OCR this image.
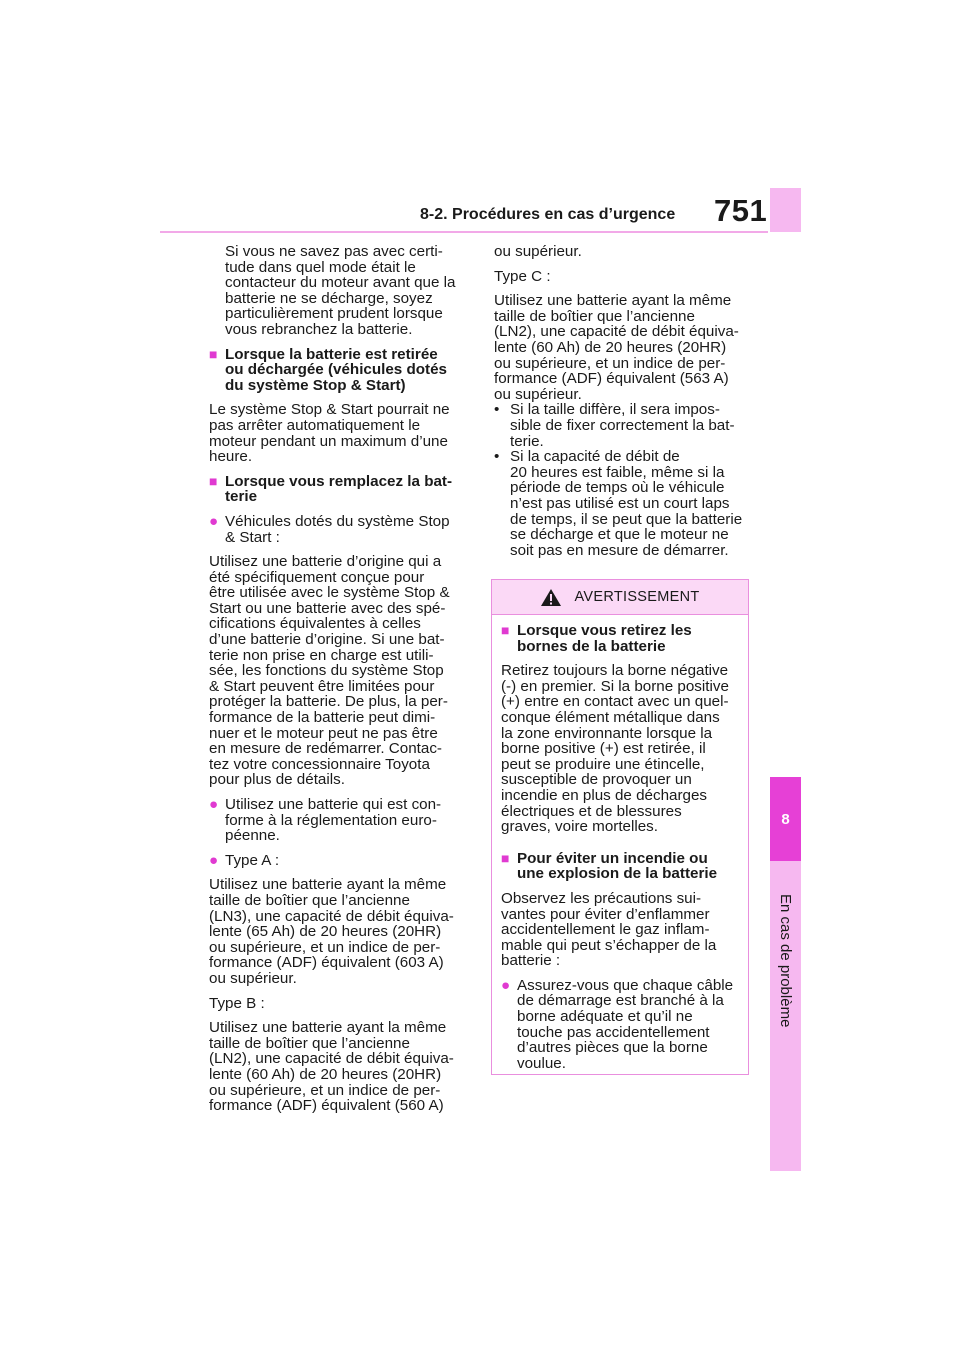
8-2. Procédures en cas d’urgence 751
8
En cas de problème
Si vous ne savez pas avec certi-
tude dans quel mode était le
contacteur du moteur avant que la
batterie ne se décharge, soyez
particulièrement prudent lorsque
vous rebranchez la batterie.
■ Lorsque la batterie est retirée
ou déchargée (véhicules dotés
du système Stop & Start)
Le système Stop & Start pourrait ne
pas arrêter automatiquement le
moteur pendant un maximum d’une
heure.
■ Lorsque vous remplacez la bat-
terie
● Véhicules dotés du système Stop
& Start :
Utilisez une batterie d’origine qui a
été spécifiquement conçue pour
être utilisée avec le système Stop &
Start ou une batterie avec des spé-
cifications équivalentes à celles
d’une batterie d’origine. Si une bat-
terie non prise en charge est utili-
sée, les fonctions du système Stop
& Start peuvent être limitées pour
protéger la batterie. De plus, la per-
formance de la batterie peut dimi-
nuer et le moteur peut ne pas être
en mesure de redémarrer. Contac-
tez votre concessionnaire Toyota
pour plus de détails.
● Utilisez une batterie qui est con-
forme à la réglementation euro-
péenne.
● Type A :
Utilisez une batterie ayant la même
taille de boîtier que l’ancienne
(LN3), une capacité de débit équiva-
lente (65 Ah) de 20 heures (20HR)
ou supérieure, et un indice de per-
formance (ADF) équivalent (603 A)
ou supérieur.
Type B :
Utilisez une batterie ayant la même
taille de boîtier que l’ancienne
(LN2), une capacité de débit équiva-
lente (60 Ah) de 20 heures (20HR)
ou supérieure, et un indice de per-
formance (ADF) équivalent (560 A)
ou supérieur.
Type C :
Utilisez une batterie ayant la même
taille de boîtier que l’ancienne
(LN2), une capacité de débit équiva-
lente (60 Ah) de 20 heures (20HR)
ou supérieure, et un indice de per-
formance (ADF) équivalent (563 A)
ou supérieur.
• Si la taille diffère, il sera impos-
sible de fixer correctement la bat-
terie.
• Si la capacité de débit de
20 heures est faible, même si la
période de temps où le véhicule
n’est pas utilisé est un court laps
de temps, il se peut que la batterie
se décharge et que le moteur ne
soit pas en mesure de démarrer.
AVERTISSEMENT
■ Lorsque vous retirez les
bornes de la batterie
Retirez toujours la borne négative
(-) en premier. Si la borne positive
(+) entre en contact avec un quel-
conque élément métallique dans
la zone environnante lorsque la
borne positive (+) est retirée, il
peut se produire une étincelle,
susceptible de provoquer un
incendie en plus de décharges
électriques et de blessures
graves, voire mortelles.
■ Pour éviter un incendie ou
une explosion de la batterie
Observez les précautions sui-
vantes pour éviter d’enflammer
accidentellement le gaz inflam-
mable qui peut s’échapper de la
batterie :
● Assurez-vous que chaque câble
de démarrage est branché à la
borne adéquate et qu’il ne
touche pas accidentellement
d’autres pièces que la borne
voulue.
